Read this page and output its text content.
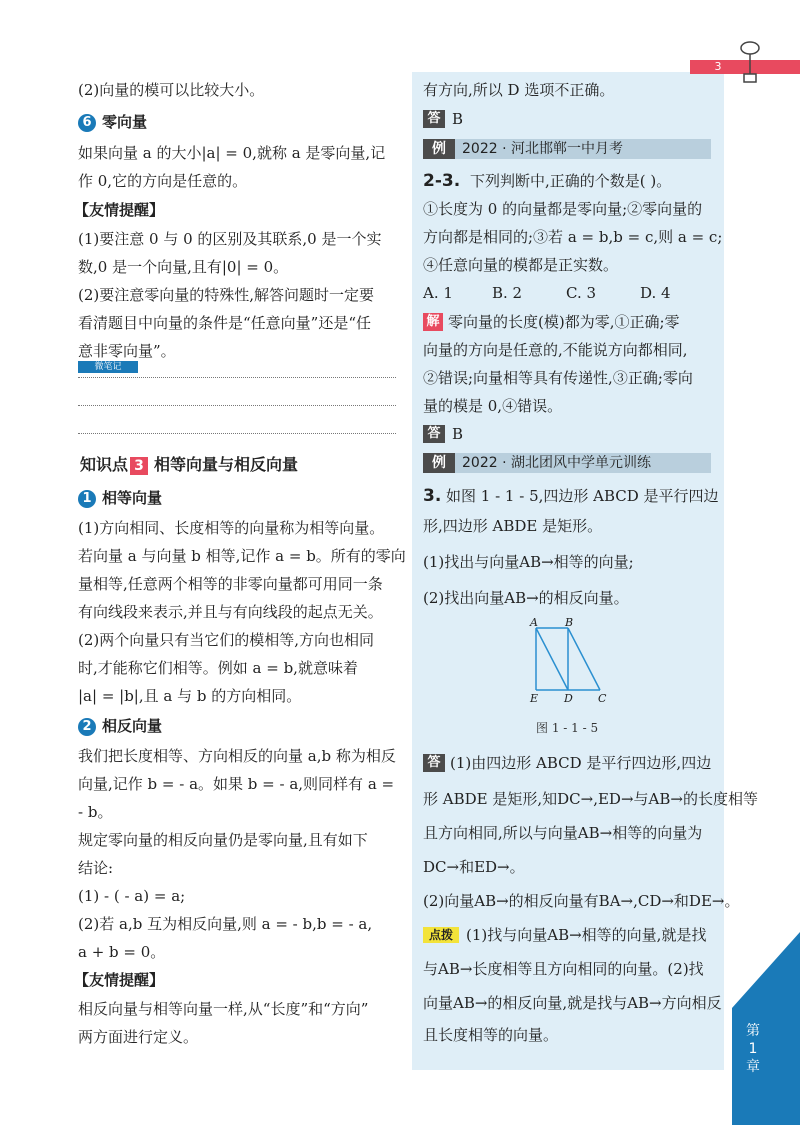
3
第1章
(2)向量的模可以比较大小。
6 零向量
如果向量 a 的大小|a| = 0,就称 a 是零向量,记
作 0,它的方向是任意的。
【友情提醒】
(1)要注意 0 与 0 的区别及其联系,0 是一个实
数,0 是一个向量,且有|0| = 0。
(2)要注意零向量的特殊性,解答问题时一定要
看清题目中向量的条件是“任意向量”还是“任
意非零向量”。
微笔记
知识点 3 相等向量与相反向量
1 相等向量
(1)方向相同、长度相等的向量称为相等向量。
若向量 a 与向量 b 相等,记作 a = b。所有的零向
量相等,任意两个相等的非零向量都可用同一条
有向线段来表示,并且与有向线段的起点无关。
(2)两个向量只有当它们的模相等,方向也相同
时,才能称它们相等。例如 a = b,就意味着
|a| = |b|,且 a 与 b 的方向相同。
2 相反向量
我们把长度相等、方向相反的向量 a,b 称为相反
向量,记作 b = - a。如果 b = - a,则同样有 a =
- b。
规定零向量的相反向量仍是零向量,且有如下
结论:
(1) - ( - a) = a;
(2)若 a,b 互为相反向量,则 a = - b,b = - a,
a + b = 0。
【友情提醒】
相反向量与相等向量一样,从“长度”和“方向”
两方面进行定义。
有方向,所以 D 选项不正确。
答 B
例	2022 · 河北邯郸一中月考
2-3. 下列判断中,正确的个数是( )。
①长度为 0 的向量都是零向量;②零向量的
方向都是相同的;③若 a = b,b = c,则 a = c;
④任意向量的模都是正实数。
A. 1	B. 2	C. 3	D. 4
解 零向量的长度(模)都为零,①正确;零
向量的方向是任意的,不能说方向都相同,
②错误;向量相等具有传递性,③正确;零向
量的模是 0,④错误。
答 B
例	2022 · 湖北团风中学单元训练
3. 如图 1 - 1 - 5,四边形 ABCD 是平行四边
形,四边形 ABDE 是矩形。
(1)找出与向量AB→相等的向量;
(2)找出向量AB→的相反向量。
A B
C
D
E
图 1 - 1 - 5
答 (1)由四边形 ABCD 是平行四边形,四边
形 ABDE 是矩形,知DC→,ED→与AB→的长度相等
且方向相同,所以与向量AB→相等的向量为
DC→和ED→。
(2)向量AB→的相反向量有BA→,CD→和DE→。
点拨 (1)找与向量AB→相等的向量,就是找
与AB→长度相等且方向相同的向量。(2)找
向量AB→的相反向量,就是找与AB→方向相反
且长度相等的向量。
